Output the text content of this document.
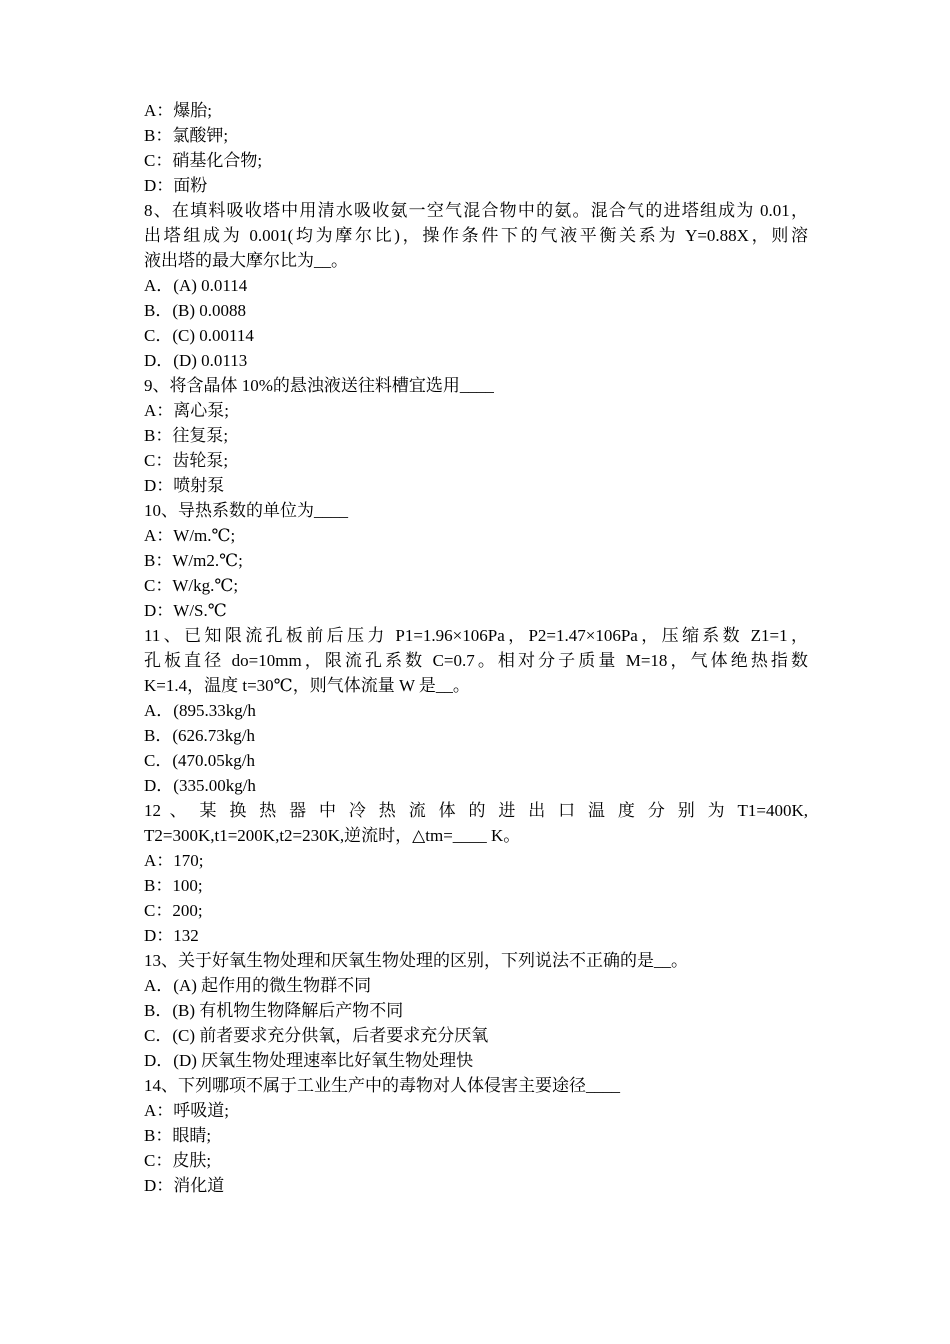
A：爆胎;
B：氯酸钾;
C：硝基化合物;
D：面粉
8、在填料吸收塔中用清水吸收氨一空气混合物中的氨。混合气的进塔组成为 0.01，
出塔组成为 0.001(均为摩尔比)，操作条件下的气液平衡关系为 Y=0.88X，则溶
液出塔的最大摩尔比为__。
A．(A) 0.0114
B．(B) 0.0088
C．(C) 0.00114
D．(D) 0.0113
9、将含晶体 10%的悬浊液送往料槽宜选用____
A：离心泵;
B：往复泵;
C：齿轮泵;
D：喷射泵
10、导热系数的单位为____
A：W/m.℃;
B：W/m2.℃;
C：W/kg.℃;
D：W/S.℃
11、已知限流孔板前后压力 P1=1.96×106Pa，P2=1.47×106Pa，压缩系数 Z1=1，
孔板直径 do=10mm，限流孔系数 C=0.7。相对分子质量 M=18，气体绝热指数
K=1.4，温度 t=30℃，则气体流量 W 是__。
A．(895.33kg/h
B．(626.73kg/h
C．(470.05kg/h
D．(335.00kg/h
12 、 某 换 热 器 中 冷 热 流 体 的 进 出 口 温 度 分 别 为 T1=400K,
T2=300K,t1=200K,t2=230K,逆流时，△tm=____ K。
A：170;
B：100;
C：200;
D：132
13、关于好氧生物处理和厌氧生物处理的区别，下列说法不正确的是__。
A．(A) 起作用的微生物群不同
B．(B) 有机物生物降解后产物不同
C．(C) 前者要求充分供氧，后者要求充分厌氧
D．(D) 厌氧生物处理速率比好氧生物处理快
14、下列哪项不属于工业生产中的毒物对人体侵害主要途径____
A：呼吸道;
B：眼睛;
C：皮肤;
D：消化道
